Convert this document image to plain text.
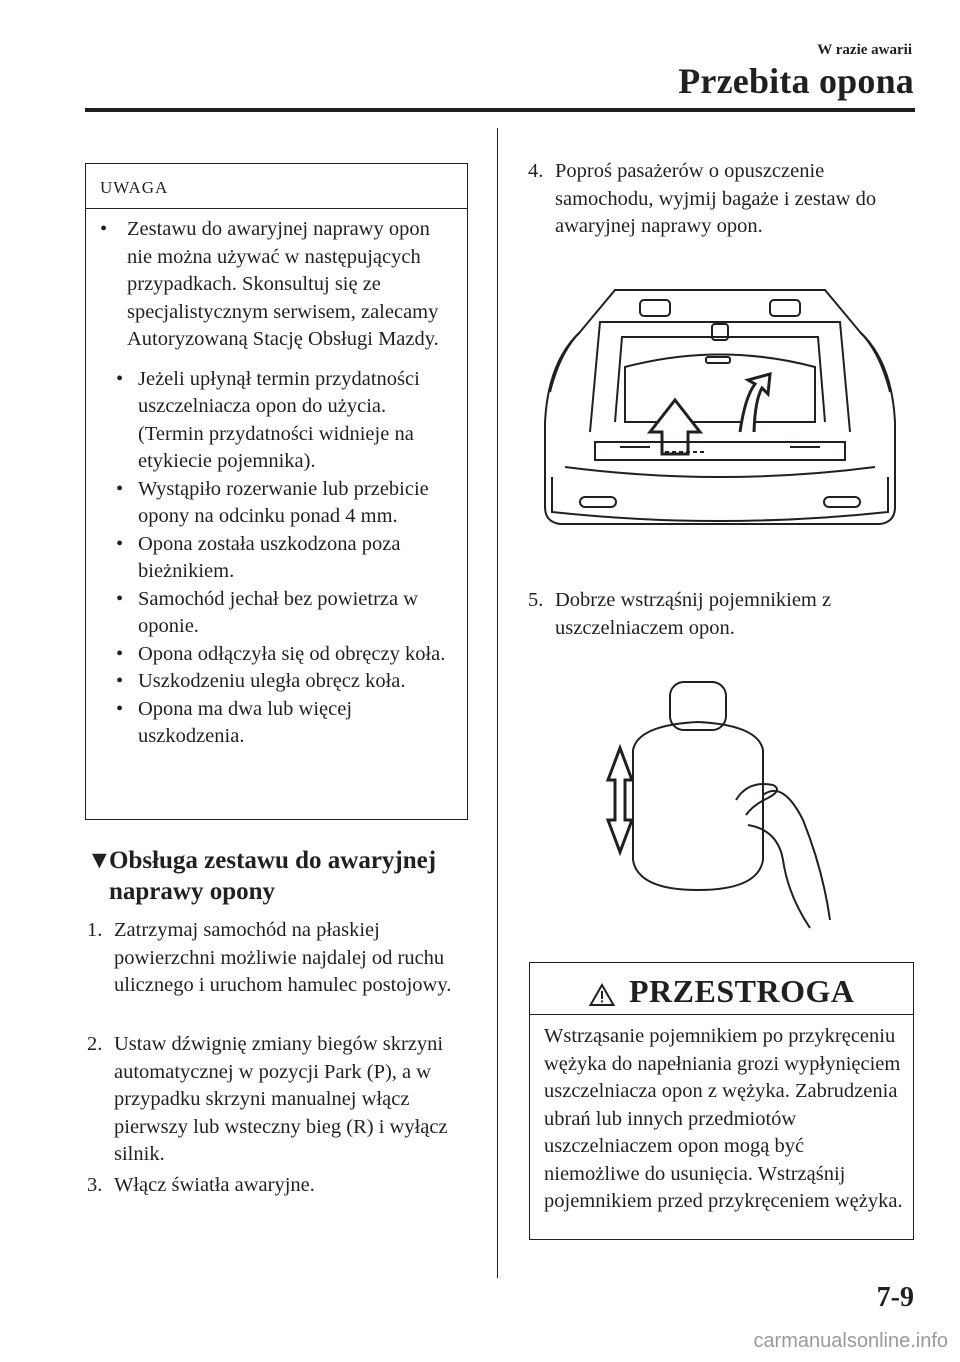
W razie awarii
Przebita opona
UWAGA
• Zestawu do awaryjnej naprawy opon nie można używać w następujących przypadkach. Skonsultuj się ze specjalistycznym serwisem, zalecamy Autoryzowaną Stację Obsługi Mazdy.
• Jeżeli upłynął termin przydatności uszczelniacza opon do użycia. (Termin przydatności widnieje na etykiecie pojemnika).
• Wystąpiło rozerwanie lub przebicie opony na odcinku ponad 4 mm.
• Opona została uszkodzona poza bieżnikiem.
• Samochód jechał bez powietrza w oponie.
• Opona odłączyła się od obręczy koła.
• Uszkodzeniu uległa obręcz koła.
• Opona ma dwa lub więcej uszkodzenia.
▼Obsługa zestawu do awaryjnej
naprawy opony
1. Zatrzymaj samochód na płaskiej powierzchni możliwie najdalej od ruchu ulicznego i uruchom hamulec postojowy.
2. Ustaw dźwignię zmiany biegów skrzyni automatycznej w pozycji Park (P), a w przypadku skrzyni manualnej włącz pierwszy lub wsteczny bieg (R) i wyłącz silnik.
3. Włącz światła awaryjne.
4. Poproś pasażerów o opuszczenie samochodu, wyjmij bagaże i zestaw do awaryjnej naprawy opon.
5. Dobrze wstrząśnij pojemnikiem z uszczelniaczem opon.
PRZESTROGA
Wstrząsanie pojemnikiem po przykręceniu wężyka do napełniania grozi wypłynięciem uszczelniacza opon z wężyka. Zabrudzenia ubrań lub innych przedmiotów uszczelniaczem opon mogą być niemożliwe do usunięcia. Wstrząśnij pojemnikiem przed przykręceniem wężyka.
7-9
carmanualsonline.info
